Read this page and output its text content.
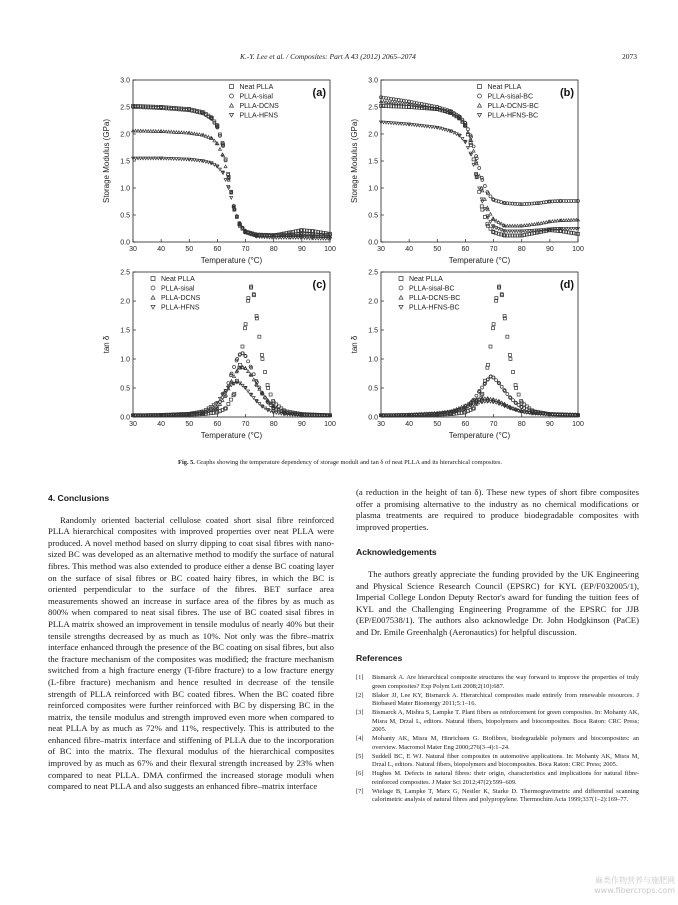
K.-Y. Lee et al. / Composites: Part A 43 (2012) 2065–2074	2073
30	40	50	60	70	80	90	100
0.0
0.5
1.0
1.5
2.0
2.5
3.0
Temperature (°C)
Storage Modulus (GPa)
(a)
Neat PLLA
PLLA-sisal
PLLA-DCNS
PLLA-HFNS
30	40	50	60	70	80	90	100
0.0
0.5
1.0
1.5
2.0
2.5
3.0
Temperature (°C)
Storage Modulus (GPa)
(b)
Neat PLLA
PLLA-sisal-BC
PLLA-DCNS-BC
PLLA-HFNS-BC
30	40	50	60	70	80	90	100
0.0
0.5
1.0
1.5
2.0
2.5
Temperature (°C)
tan δ
(c)
Neat PLLA
PLLA-sisal
PLLA-DCNS
PLLA-HFNS
30	40	50	60	70	80	90	100
0.0
0.5
1.0
1.5
2.0
2.5
Temperature (°C)
tan δ
(d)
Neat PLLA
PLLA-sisal-BC
PLLA-DCNS-BC
PLLA-HFNS-BC
Fig. 5. Graphs showing the temperature dependency of storage moduli and tan δ of neat PLLA and its hierarchical composites.
4. Conclusions

Randomly oriented bacterial cellulose coated short sisal fibre reinforced PLLA hierarchical composites with improved properties over neat PLLA were produced. A novel method based on slurry dipping to coat sisal fibres with nano-sized BC was developed as an alternative method to modify the surface of natural fibres. This method was also extended to produce either a dense BC coating layer on the surface of sisal fibres or BC coated hairy fibres, in which the BC is oriented perpendicular to the surface of the fibres. BET surface area measurements showed an increase in surface area of the fibres by as much as 800% when compared to neat sisal fibres. The use of BC coated sisal fibres in PLLA matrix showed an improvement in tensile modulus of nearly 40% but their tensile strengths decreased by as much as 10%. Not only was the fibre–matrix interface enhanced through the presence of the BC coating on sisal fibres, but also the fracture mechanism of the composites was modified; the fracture mechanism switched from a high fracture energy (T-fibre fracture) to a low fracture energy (L-fibre fracture) mechanism and hence resulted in decrease of the tensile strength of PLLA reinforced with BC coated fibres. When the BC coated fibre reinforced composites were further reinforced with BC by dispersing BC in the matrix, the tensile modulus and strength improved even more when compared to neat PLLA by as much as 72% and 11%, respectively. This is attributed to the enhanced fibre–matrix interface and stiffening of PLLA due to the incorporation of BC into the matrix. The flexural modulus of the hierarchical composites improved by as much as 67% and their flexural strength increased by 23% when compared to neat PLLA. DMA confirmed the increased storage moduli when compared to neat PLLA and also suggests an enhanced fibre–matrix interface

(a reduction in the height of tan δ). These new types of short fibre composites offer a promising alternative to the industry as no chemical modifications or plasma treatments are required to produce biodegradable composites with improved properties.

Acknowledgements

The authors greatly appreciate the funding provided by the UK Engineering and Physical Science Research Council (EPSRC) for KYL (EP/F032005/1), Imperial College London Deputy Rector's award for funding the tuition fees of KYL and the Challenging Engineering Programme of the EPSRC for JJB (EP/E007538/1). The authors also acknowledge Dr. John Hodgkinson (PaCE) and Dr. Emile Greenhalgh (Aeronautics) for helpful discussion.

References
[1] Bismarck A. Are hierarchical composite structures the way forward to improve the properties of truly green composites? Exp Polym Lett 2008;2(10):687.
[2] Blaker JJ, Lee KY, Bismarck A. Hierarchical composites made entirely from renewable resources. J Biobased Mater Bioenergy 2011;5:1–16.
[3] Bismarck A, Mishra S, Lampke T. Plant fibers as reinforcement for green composites. In: Mohanty AK, Misra M, Drzal L, editors. Natural fibers, biopolymers and biocomposites. Boca Raton: CRC Press; 2005.
[4] Mohanty AK, Misra M, Hinrichsen G. Biofibres, biodegradable polymers and biocomposites: an overview. Macromol Mater Eng 2000;276(3–4):1–24.
[5] Suddell BC, E WJ. Natural fiber composites in automotive applications. In: Mohanty AK, Misra M, Drzal L, editors. Natural fibers, biopolymers and biocomposites. Boca Raton: CRC Press; 2005.
[6] Hughes M. Defects in natural fibres: their origin, characteristics and implications for natural fibre-reinforced composites. J Mater Sci 2012;47(2):599–609.
[7] Wielage B, Lampke T, Marx G, Nestler K, Starke D. Thermogravimetric and differential scanning calorimetric analysis of natural fibres and polypropylene. Thermochim Acta 1999;337(1–2):169–77.
麻类作物营养与施肥网
www.fibercrops.com
